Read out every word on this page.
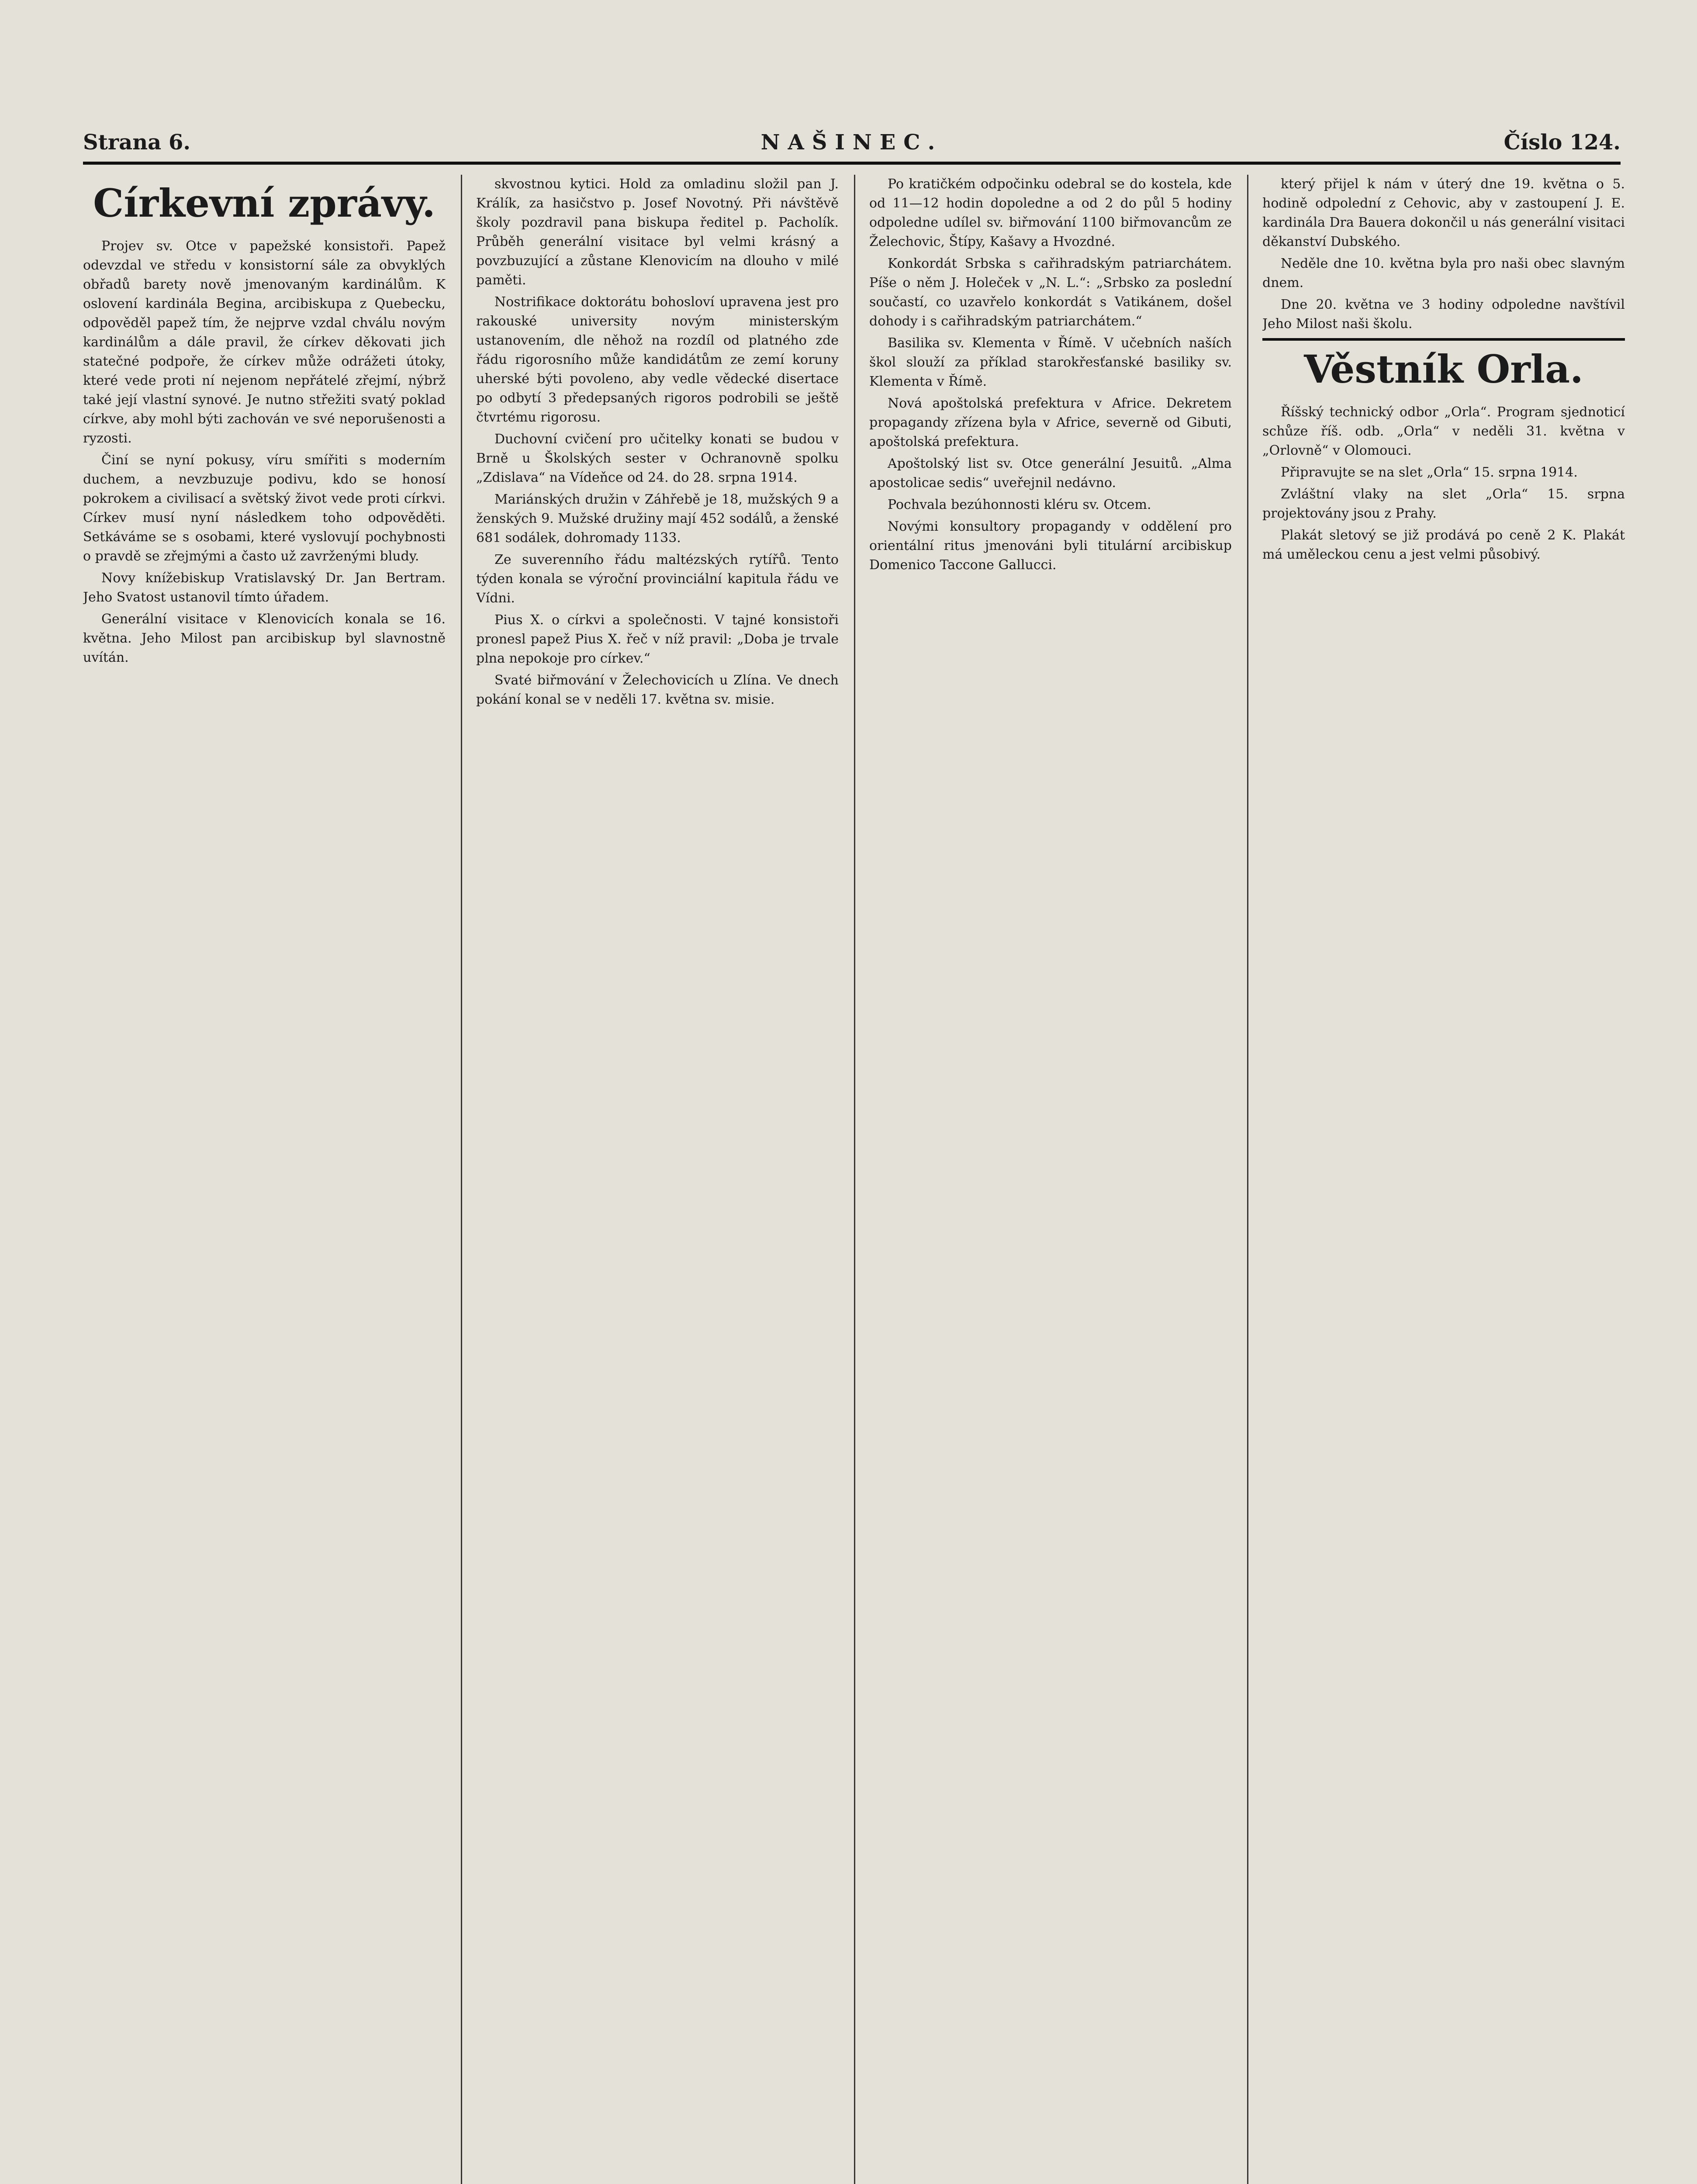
Strana 6.	NAŠINEC.	Číslo 124.
Církevní zprávy.

Projev sv. Otce v papežské konsistoři. Papež odevzdal ve středu v konsistorní sále za obvyklých obřadů barety nově jmenovaným kardinálům. K oslovení kardinála Begina, arcibiskupa z Quebecku, odpověděl papež tím, že nejprve vzdal chválu novým kardinálům a dále pravil, že církev děkovati jich statečné podpoře, že církev může odrážeti útoky, které vede proti ní nejenom nepřátelé zřejmí, nýbrž také její vlastní synové. Je nutno střežiti svatý poklad církve, aby mohl býti zachován ve své neporušenosti a ryzosti.

Činí se nyní pokusy, víru smířiti s moderním duchem, a nevzbuzuje podivu, kdo se honosí pokrokem a civilisací a světský život vede proti církvi. Církev musí nyní následkem toho odpověděti. Setkáváme se s osobami, které vyslovují pochybnosti o pravdě se zřejmými a často už zavrženými bludy.

Novy knížebiskup Vratislavský Dr. Jan Bertram. Jeho Svatost ustanovil tímto úřadem.

Generální visitace v Klenovicích konala se 16. května. Jeho Milost pan arcibiskup byl slavnostně uvítán.

skvostnou kytici. Hold za omladinu složil pan J. Králík, za hasičstvo p. Josef Novotný. Při návštěvě školy pozdravil pana biskupa ředitel p. Pacholík. Průběh generální visitace byl velmi krásný a povzbuzující a zůstane Klenovicím na dlouho v milé paměti.

Nostrifikace doktorátu bohosloví upravena jest pro rakouské university novým ministerským ustanovením, dle něhož na rozdíl od platného zde řádu rigorosního může kandidátům ze zemí koruny uherské býti povoleno, aby vedle vědecké disertace po odbytí 3 předepsaných rigoros podrobili se ještě čtvrtému rigorosu.

Duchovní cvičení pro učitelky konati se budou v Brně u Školských sester v Ochranovně spolku „Zdislava“ na Vídeňce od 24. do 28. srpna 1914.

Mariánských družin v Záhřebě je 18, mužských 9 a ženských 9. Mužské družiny mají 452 sodálů, a ženské 681 sodálek, dohromady 1133.

Ze suverenního řádu maltézských rytířů. Tento týden konala se výroční provinciální kapitula řádu ve Vídni.

Pius X. o církvi a společnosti. V tajné konsistoři pronesl papež Pius X. řeč v níž pravil: „Doba je trvale plna nepokoje pro církev.“

Svaté biřmování v Želechovicích u Zlína. Ve dnech pokání konal se v neděli 17. května sv. misie.

Po kratičkém odpočinku odebral se do kostela, kde od 11—12 hodin dopoledne a od 2 do půl 5 hodiny odpoledne udílel sv. biřmování 1100 biřmovancům ze Želechovic, Štípy, Kašavy a Hvozdné.

Konkordát Srbska s cařihradským patriarchátem. Píše o něm J. Holeček v „N. L.“: „Srbsko za poslední součastí, co uzavřelo konkordát s Vatikánem, došel dohody i s cařihradským patriarchátem.“

Basilika sv. Klementa v Římě. V učebních naších škol slouží za příklad starokřesťanské basiliky sv. Klementa v Římě.

Nová apoštolská prefektura v Africe. Dekretem propagandy zřízena byla v Africe, severně od Gibuti, apoštolská prefektura.

Apoštolský list sv. Otce generální Jesuitů. „Alma apostolicae sedis“ uveřejnil nedávno.

Pochvala bezúhonnosti kléru sv. Otcem.

Novými konsultory propagandy v oddělení pro orientální ritus jmenováni byli titulární arcibiskup Domenico Taccone Gallucci.

který přijel k nám v úterý dne 19. května o 5. hodině odpolední z Cehovic, aby v zastoupení J. E. kardinála Dra Bauera dokončil u nás generální visitaci děkanství Dubského.

Neděle dne 10. května byla pro naši obec slavným dnem.

Dne 20. května ve 3 hodiny odpoledne navštívil Jeho Milost naši školu.

Věstník Orla.

Říšský technický odbor „Orla“. Program sjednoticí schůze říš. odb. „Orla“ v neděli 31. května v „Orlovně“ v Olomouci.

Připravujte se na slet „Orla“ 15. srpna 1914.

Zvláštní vlaky na slet „Orla“ 15. srpna projektovány jsou z Prahy.

Plakát sletový se již prodává po ceně 2 K. Plakát má uměleckou cenu a jest velmi působivý.
